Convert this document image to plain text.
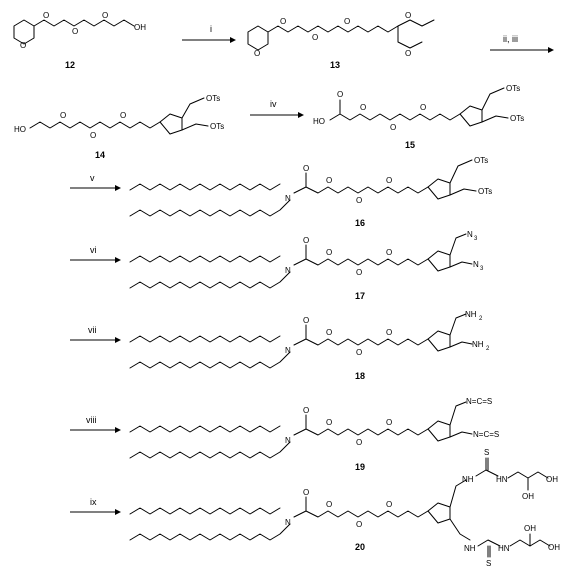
O
O
O
O
OH
12
i
O
O
O
O
O
O
13
ii, iii
HO
O
O
O
OTs
OTs
14
iv
HO
O
O
O
O
OTs
OTs
15
v
N
O
O
O
O
OTs
OTs
16
vi
N
O
O
O
O
N 3
N 3
17
vii
N
O
O
O
O
NH 2
NH 2
18
viii
N
O
O
O
O
N=C=S
N=C=S
19
ix
N
O
O
O
O
NH
S
HN
OH
OH
NH
S
HN
OH
OH
20
